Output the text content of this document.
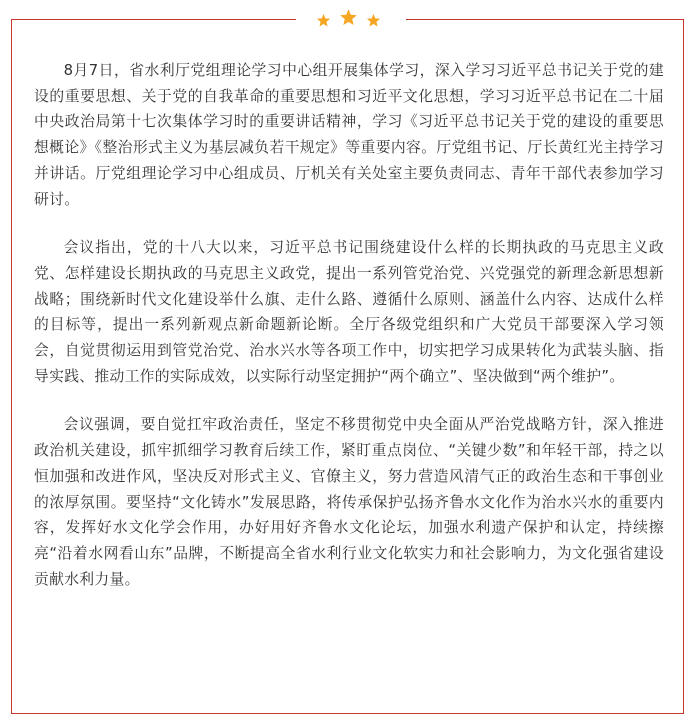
8月7日，省水利厅党组理论学习中心组开展集体学习，深入学习习近平总书记关于党的建设的重要思想、关于党的自我革命的重要思想和习近平文化思想，学习习近平总书记在二十届中央政治局第十七次集体学习时的重要讲话精神，学习《习近平总书记关于党的建设的重要思想概论》《整治形式主义为基层减负若干规定》等重要内容。厅党组书记、厅长黄红光主持学习并讲话。厅党组理论学习中心组成员、厅机关有关处室主要负责同志、青年干部代表参加学习研讨。

会议指出，党的十八大以来，习近平总书记围绕建设什么样的长期执政的马克思主义政党、怎样建设长期执政的马克思主义政党，提出一系列管党治党、兴党强党的新理念新思想新战略；围绕新时代文化建设举什么旗、走什么路、遵循什么原则、涵盖什么内容、达成什么样的目标等，提出一系列新观点新命题新论断。全厅各级党组织和广大党员干部要深入学习领会，自觉贯彻运用到管党治党、治水兴水等各项工作中，切实把学习成果转化为武装头脑、指导实践、推动工作的实际成效，以实际行动坚定拥护“两个确立”、坚决做到“两个维护”。

会议强调，要自觉扛牢政治责任，坚定不移贯彻党中央全面从严治党战略方针，深入推进政治机关建设，抓牢抓细学习教育后续工作，紧盯重点岗位、“关键少数”和年轻干部，持之以恒加强和改进作风，坚决反对形式主义、官僚主义，努力营造风清气正的政治生态和干事创业的浓厚氛围。要坚持“文化铸水”发展思路，将传承保护弘扬齐鲁水文化作为治水兴水的重要内容，发挥好水文化学会作用，办好用好齐鲁水文化论坛，加强水利遗产保护和认定，持续擦亮“沿着水网看山东”品牌，不断提高全省水利行业文化软实力和社会影响力，为文化强省建设贡献水利力量。
